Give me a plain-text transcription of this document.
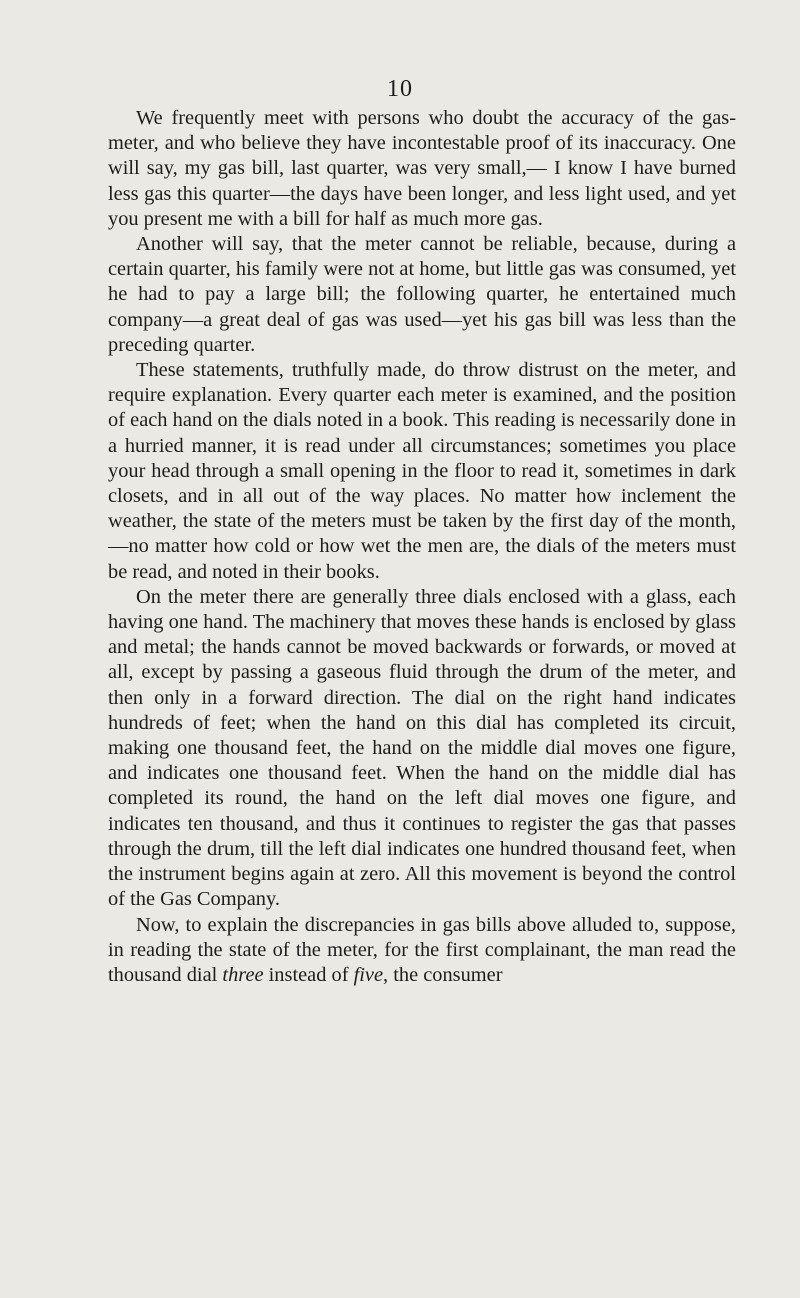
10

We frequently meet with persons who doubt the accuracy of the gas-meter, and who believe they have incontestable proof of its inaccuracy. One will say, my gas bill, last quarter, was very small,— I know I have burned less gas this quarter—the days have been longer, and less light used, and yet you present me with a bill for half as much more gas.

Another will say, that the meter cannot be reliable, because, during a certain quarter, his family were not at home, but little gas was consumed, yet he had to pay a large bill; the following quarter, he entertained much company—a great deal of gas was used—yet his gas bill was less than the preceding quarter.

These statements, truthfully made, do throw distrust on the meter, and require explanation. Every quarter each meter is examined, and the position of each hand on the dials noted in a book. This reading is necessarily done in a hurried manner, it is read under all circumstances; sometimes you place your head through a small opening in the floor to read it, sometimes in dark closets, and in all out of the way places. No matter how inclement the weather, the state of the meters must be taken by the first day of the month,—no matter how cold or how wet the men are, the dials of the meters must be read, and noted in their books.

On the meter there are generally three dials enclosed with a glass, each having one hand. The machinery that moves these hands is enclosed by glass and metal; the hands cannot be moved backwards or forwards, or moved at all, except by passing a gaseous fluid through the drum of the meter, and then only in a forward direction. The dial on the right hand indicates hundreds of feet; when the hand on this dial has completed its circuit, making one thousand feet, the hand on the middle dial moves one figure, and indicates one thousand feet. When the hand on the middle dial has completed its round, the hand on the left dial moves one figure, and indicates ten thousand, and thus it continues to register the gas that passes through the drum, till the left dial indicates one hundred thousand feet, when the instrument begins again at zero. All this movement is beyond the control of the Gas Company.

Now, to explain the discrepancies in gas bills above alluded to, suppose, in reading the state of the meter, for the first complainant, the man read the thousand dial three instead of five, the consumer
